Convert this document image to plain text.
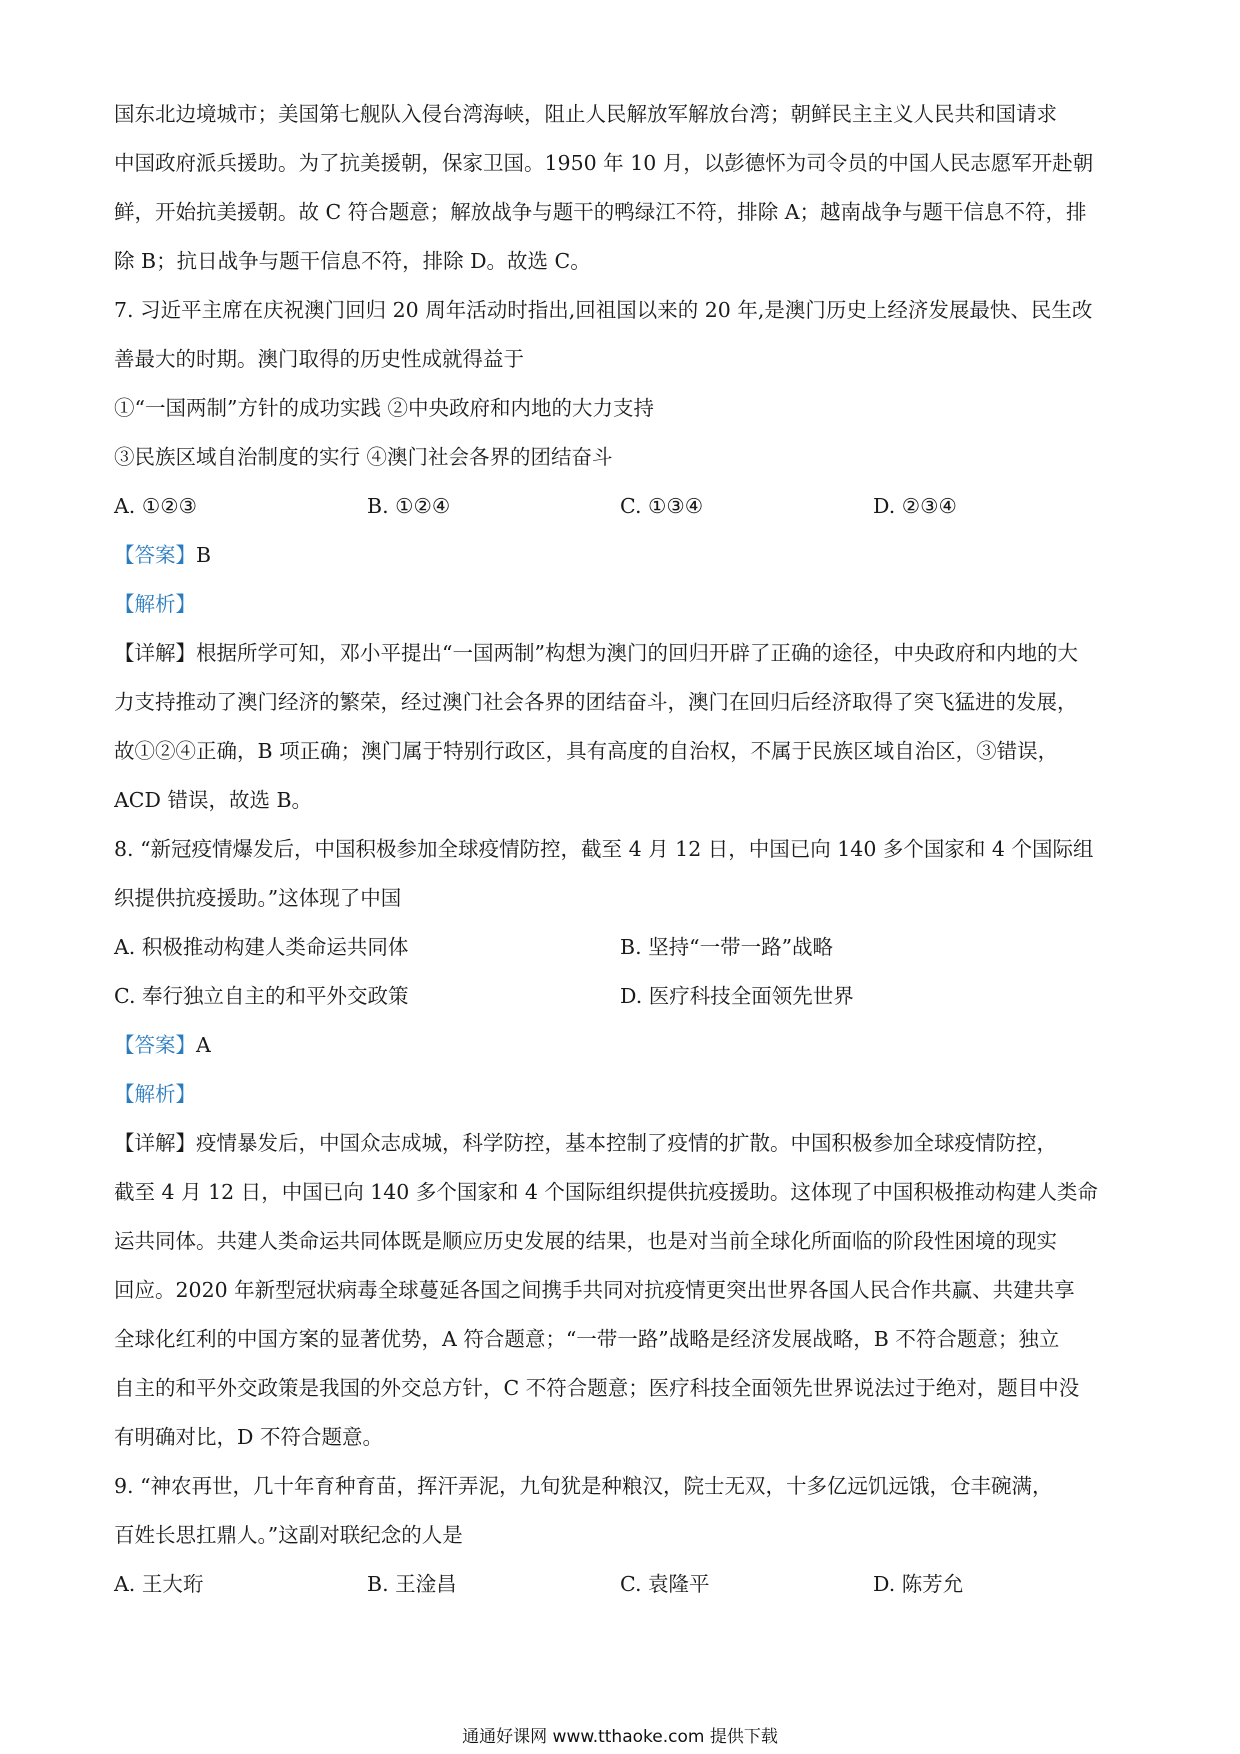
国东北边境城市；美国第七舰队入侵台湾海峡，阻止人民解放军解放台湾；朝鲜民主主义人民共和国请求
中国政府派兵援助。为了抗美援朝，保家卫国。1950 年 10 月，以彭德怀为司令员的中国人民志愿军开赴朝
鲜，开始抗美援朝。故 C 符合题意；解放战争与题干的鸭绿江不符，排除 A；越南战争与题干信息不符，排
除 B；抗日战争与题干信息不符，排除 D。故选 C。
7. 习近平主席在庆祝澳门回归 20 周年活动时指出,回祖国以来的 20 年,是澳门历史上经济发展最快、民生改
善最大的时期。澳门取得的历史性成就得益于
①“一国两制”方针的成功实践 ②中央政府和内地的大力支持
③民族区域自治制度的实行 ④澳门社会各界的团结奋斗
A. ①②③	B. ①②④	C. ①③④	D. ②③④
【答案】B
【解析】
【详解】根据所学可知，邓小平提出“一国两制”构想为澳门的回归开辟了正确的途径，中央政府和内地的大
力支持推动了澳门经济的繁荣，经过澳门社会各界的团结奋斗，澳门在回归后经济取得了突飞猛进的发展，
故①②④正确，B 项正确；澳门属于特别行政区，具有高度的自治权，不属于民族区域自治区，③错误，
ACD 错误，故选 B。
8. “新冠疫情爆发后，中国积极参加全球疫情防控，截至 4 月 12 日，中国已向 140 多个国家和 4 个国际组
织提供抗疫援助。”这体现了中国
A. 积极推动构建人类命运共同体	B. 坚持“一带一路”战略
C. 奉行独立自主的和平外交政策	D. 医疗科技全面领先世界
【答案】A
【解析】
【详解】疫情暴发后，中国众志成城，科学防控，基本控制了疫情的扩散。中国积极参加全球疫情防控，
截至 4 月 12 日，中国已向 140 多个国家和 4 个国际组织提供抗疫援助。这体现了中国积极推动构建人类命
运共同体。共建人类命运共同体既是顺应历史发展的结果，也是对当前全球化所面临的阶段性困境的现实
回应。2020 年新型冠状病毒全球蔓延各国之间携手共同对抗疫情更突出世界各国人民合作共赢、共建共享
全球化红利的中国方案的显著优势，A 符合题意；“一带一路”战略是经济发展战略，B 不符合题意；独立
自主的和平外交政策是我国的外交总方针，C 不符合题意；医疗科技全面领先世界说法过于绝对，题目中没
有明确对比，D 不符合题意。
9. “神农再世，几十年育种育苗，挥汗弄泥，九旬犹是种粮汉，院士无双，十多亿远饥远饿，仓丰碗满，
百姓长思扛鼎人。”这副对联纪念的人是
A. 王大珩	B. 王淦昌	C. 袁隆平	D. 陈芳允
通通好课网 www.tthaoke.com 提供下载
